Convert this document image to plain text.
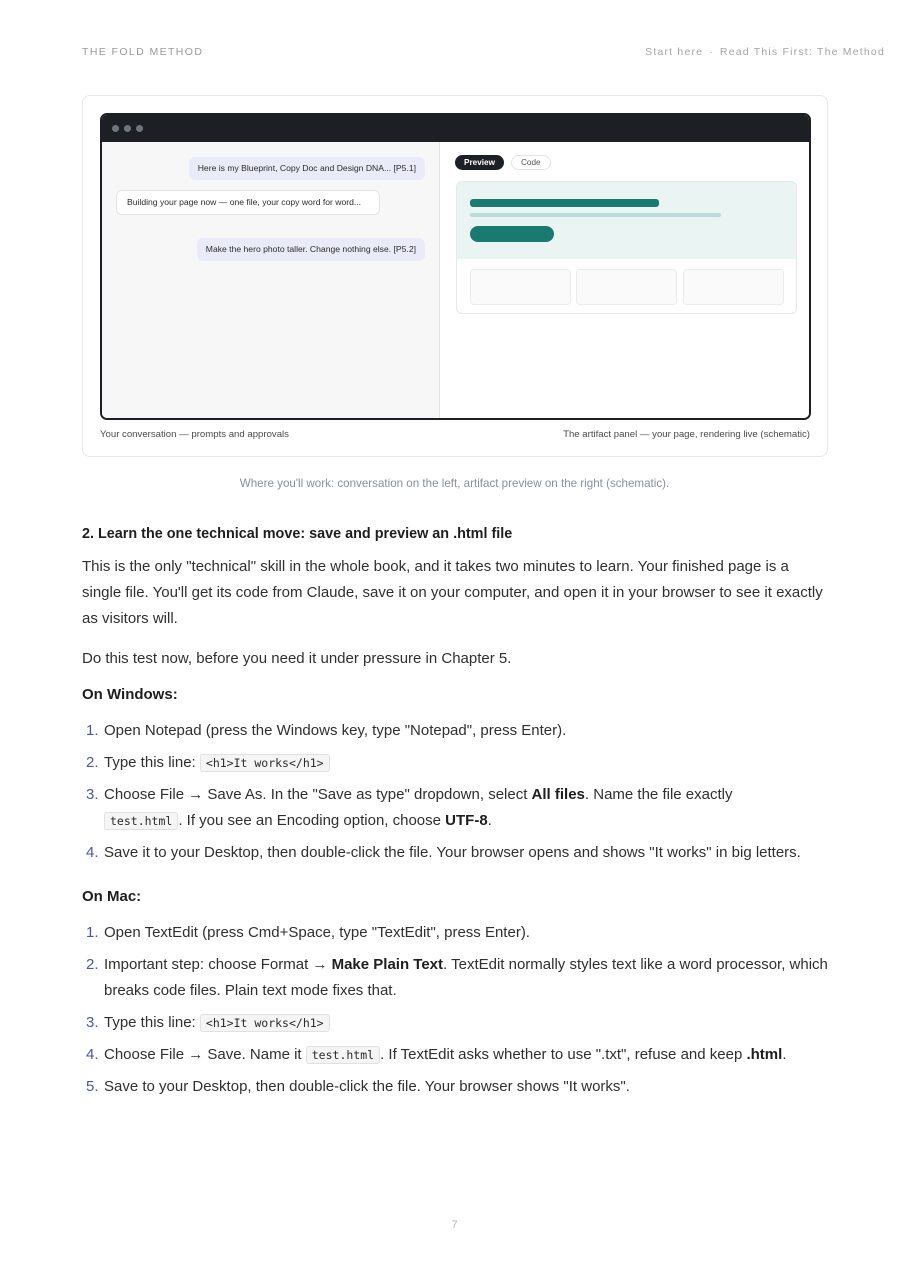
THE FOLD METHOD	Start here · Read This First: The Method
Here is my Blueprint, Copy Doc and Design DNA... [P5.1]
Building your page now — one file, your copy word for word...
Make the hero photo taller. Change nothing else. [P5.2]
Preview	Code
Your conversation — prompts and approvals	The artifact panel — your page, rendering live (schematic)

Where you'll work: conversation on the left, artifact preview on the right (schematic).

2. Learn the one technical move: save and preview an .html file

This is the only "technical" skill in the whole book, and it takes two minutes to learn. Your finished page is a single file. You'll get its code from Claude, save it on your computer, and open it in your browser to see it exactly as visitors will.

Do this test now, before you need it under pressure in Chapter 5.

On Windows:
1. Open Notepad (press the Windows key, type "Notepad", press Enter).
2. Type this line: <h1>It works</h1>
3. Choose File → Save As. In the "Save as type" dropdown, select All files. Name the file exactly
test.html . If you see an Encoding option, choose UTF-8.
4. Save it to your Desktop, then double-click the file. Your browser opens and shows "It works" in big letters.
On Mac:
1. Open TextEdit (press Cmd+Space, type "TextEdit", press Enter).
2. Important step: choose Format → Make Plain Text. TextEdit normally styles text like a word processor, which breaks code files. Plain text mode fixes that.
3. Type this line: <h1>It works</h1>
4. Choose File → Save. Name it test.html . If TextEdit asks whether to use ".txt", refuse and keep .html.
5. Save to your Desktop, then double-click the file. Your browser shows "It works".
7
